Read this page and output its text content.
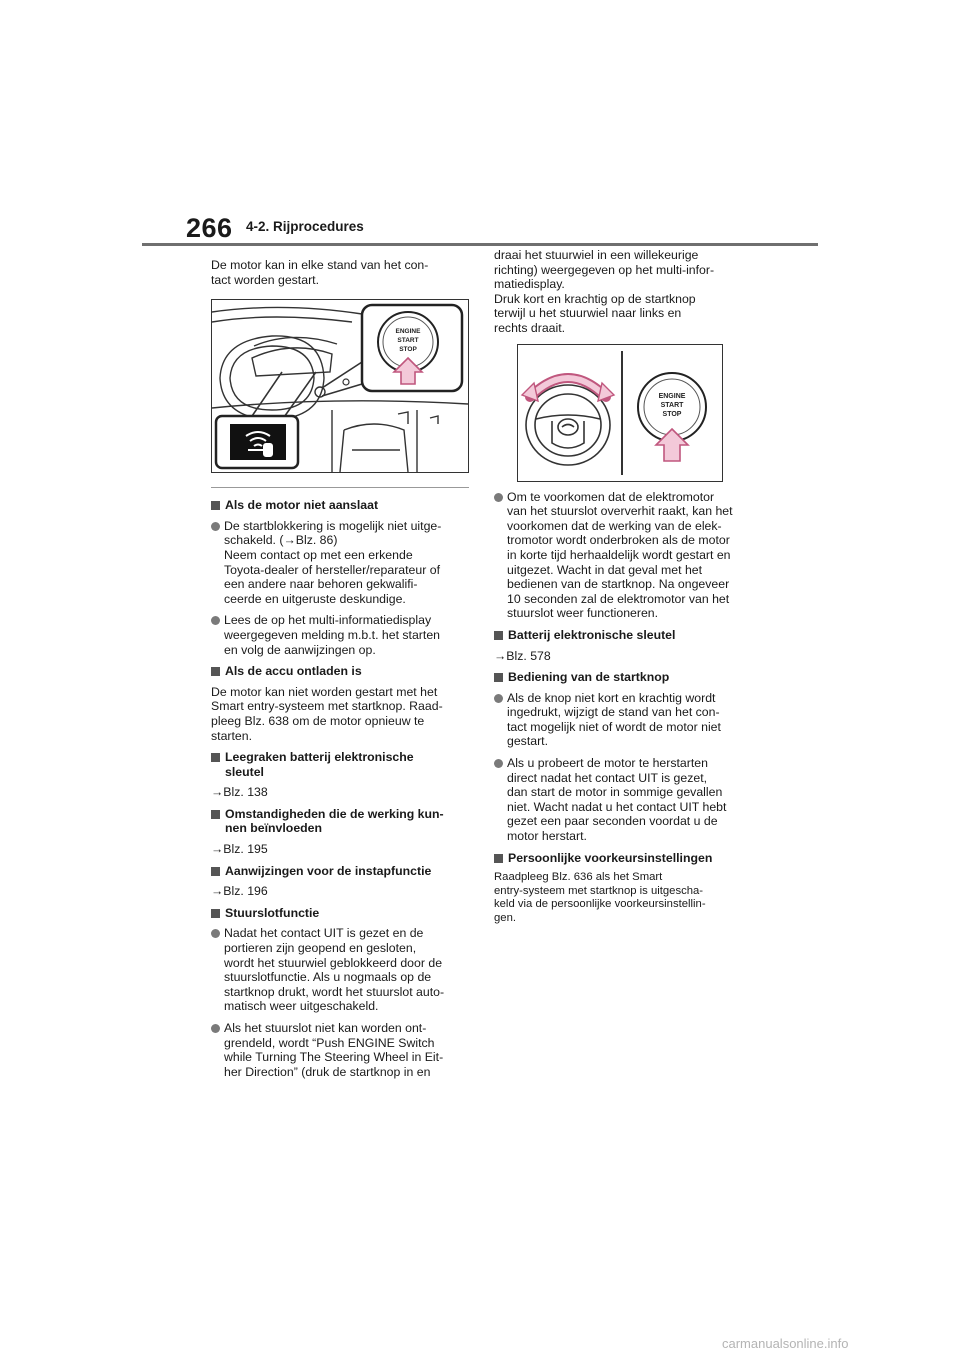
266 4-2. Rijprocedures

De motor kan in elke stand van het con-
tact worden gestart.

ENGINE
START
STOP
Als de motor niet aanslaat
De startblokkering is mogelijk niet uitge-
schakeld. (→Blz. 86)
Neem contact op met een erkende
Toyota-dealer of hersteller/reparateur of
een andere naar behoren gekwalifi-
ceerde en uitgeruste deskundige.
Lees de op het multi-informatiedisplay
weergegeven melding m.b.t. het starten
en volg de aanwijzingen op.
Als de accu ontladen is

De motor kan niet worden gestart met het
Smart entry-systeem met startknop. Raad-
pleeg Blz. 638 om de motor opnieuw te
starten.

Leegraken batterij elektronische
sleutel

→Blz. 138

Omstandigheden die de werking kun-
nen beïnvloeden

→Blz. 195

Aanwijzingen voor de instapfunctie

→Blz. 196

Stuurslotfunctie
Nadat het contact UIT is gezet en de
portieren zijn geopend en gesloten,
wordt het stuurwiel geblokkeerd door de
stuurslotfunctie. Als u nogmaals op de
startknop drukt, wordt het stuurslot auto-
matisch weer uitgeschakeld.
Als het stuurslot niet kan worden ont-
grendeld, wordt “Push ENGINE Switch
while Turning The Steering Wheel in Eit-
her Direction” (druk de startknop in en

draai het stuurwiel in een willekeurige
richting) weergegeven op het multi-infor-
matiedisplay.
Druk kort en krachtig op de startknop
terwijl u het stuurwiel naar links en
rechts draait.

ENGINE
START
STOP
Om te voorkomen dat de elektromotor
van het stuurslot oververhit raakt, kan het
voorkomen dat de werking van de elek-
tromotor wordt onderbroken als de motor
in korte tijd herhaaldelijk wordt gestart en
uitgezet. Wacht in dat geval met het
bedienen van de startknop. Na ongeveer
10 seconden zal de elektromotor van het
stuurslot weer functioneren.
Batterij elektronische sleutel

→Blz. 578

Bediening van de startknop
Als de knop niet kort en krachtig wordt
ingedrukt, wijzigt de stand van het con-
tact mogelijk niet of wordt de motor niet
gestart.
Als u probeert de motor te herstarten
direct nadat het contact UIT is gezet,
dan start de motor in sommige gevallen
niet. Wacht nadat u het contact UIT hebt
gezet een paar seconden voordat u de
motor herstart.
Persoonlijke voorkeursinstellingen

Raadpleeg Blz. 636 als het Smart
entry-systeem met startknop is uitgescha-
keld via de persoonlijke voorkeursinstellin-
gen.

carmanualsonline.info
